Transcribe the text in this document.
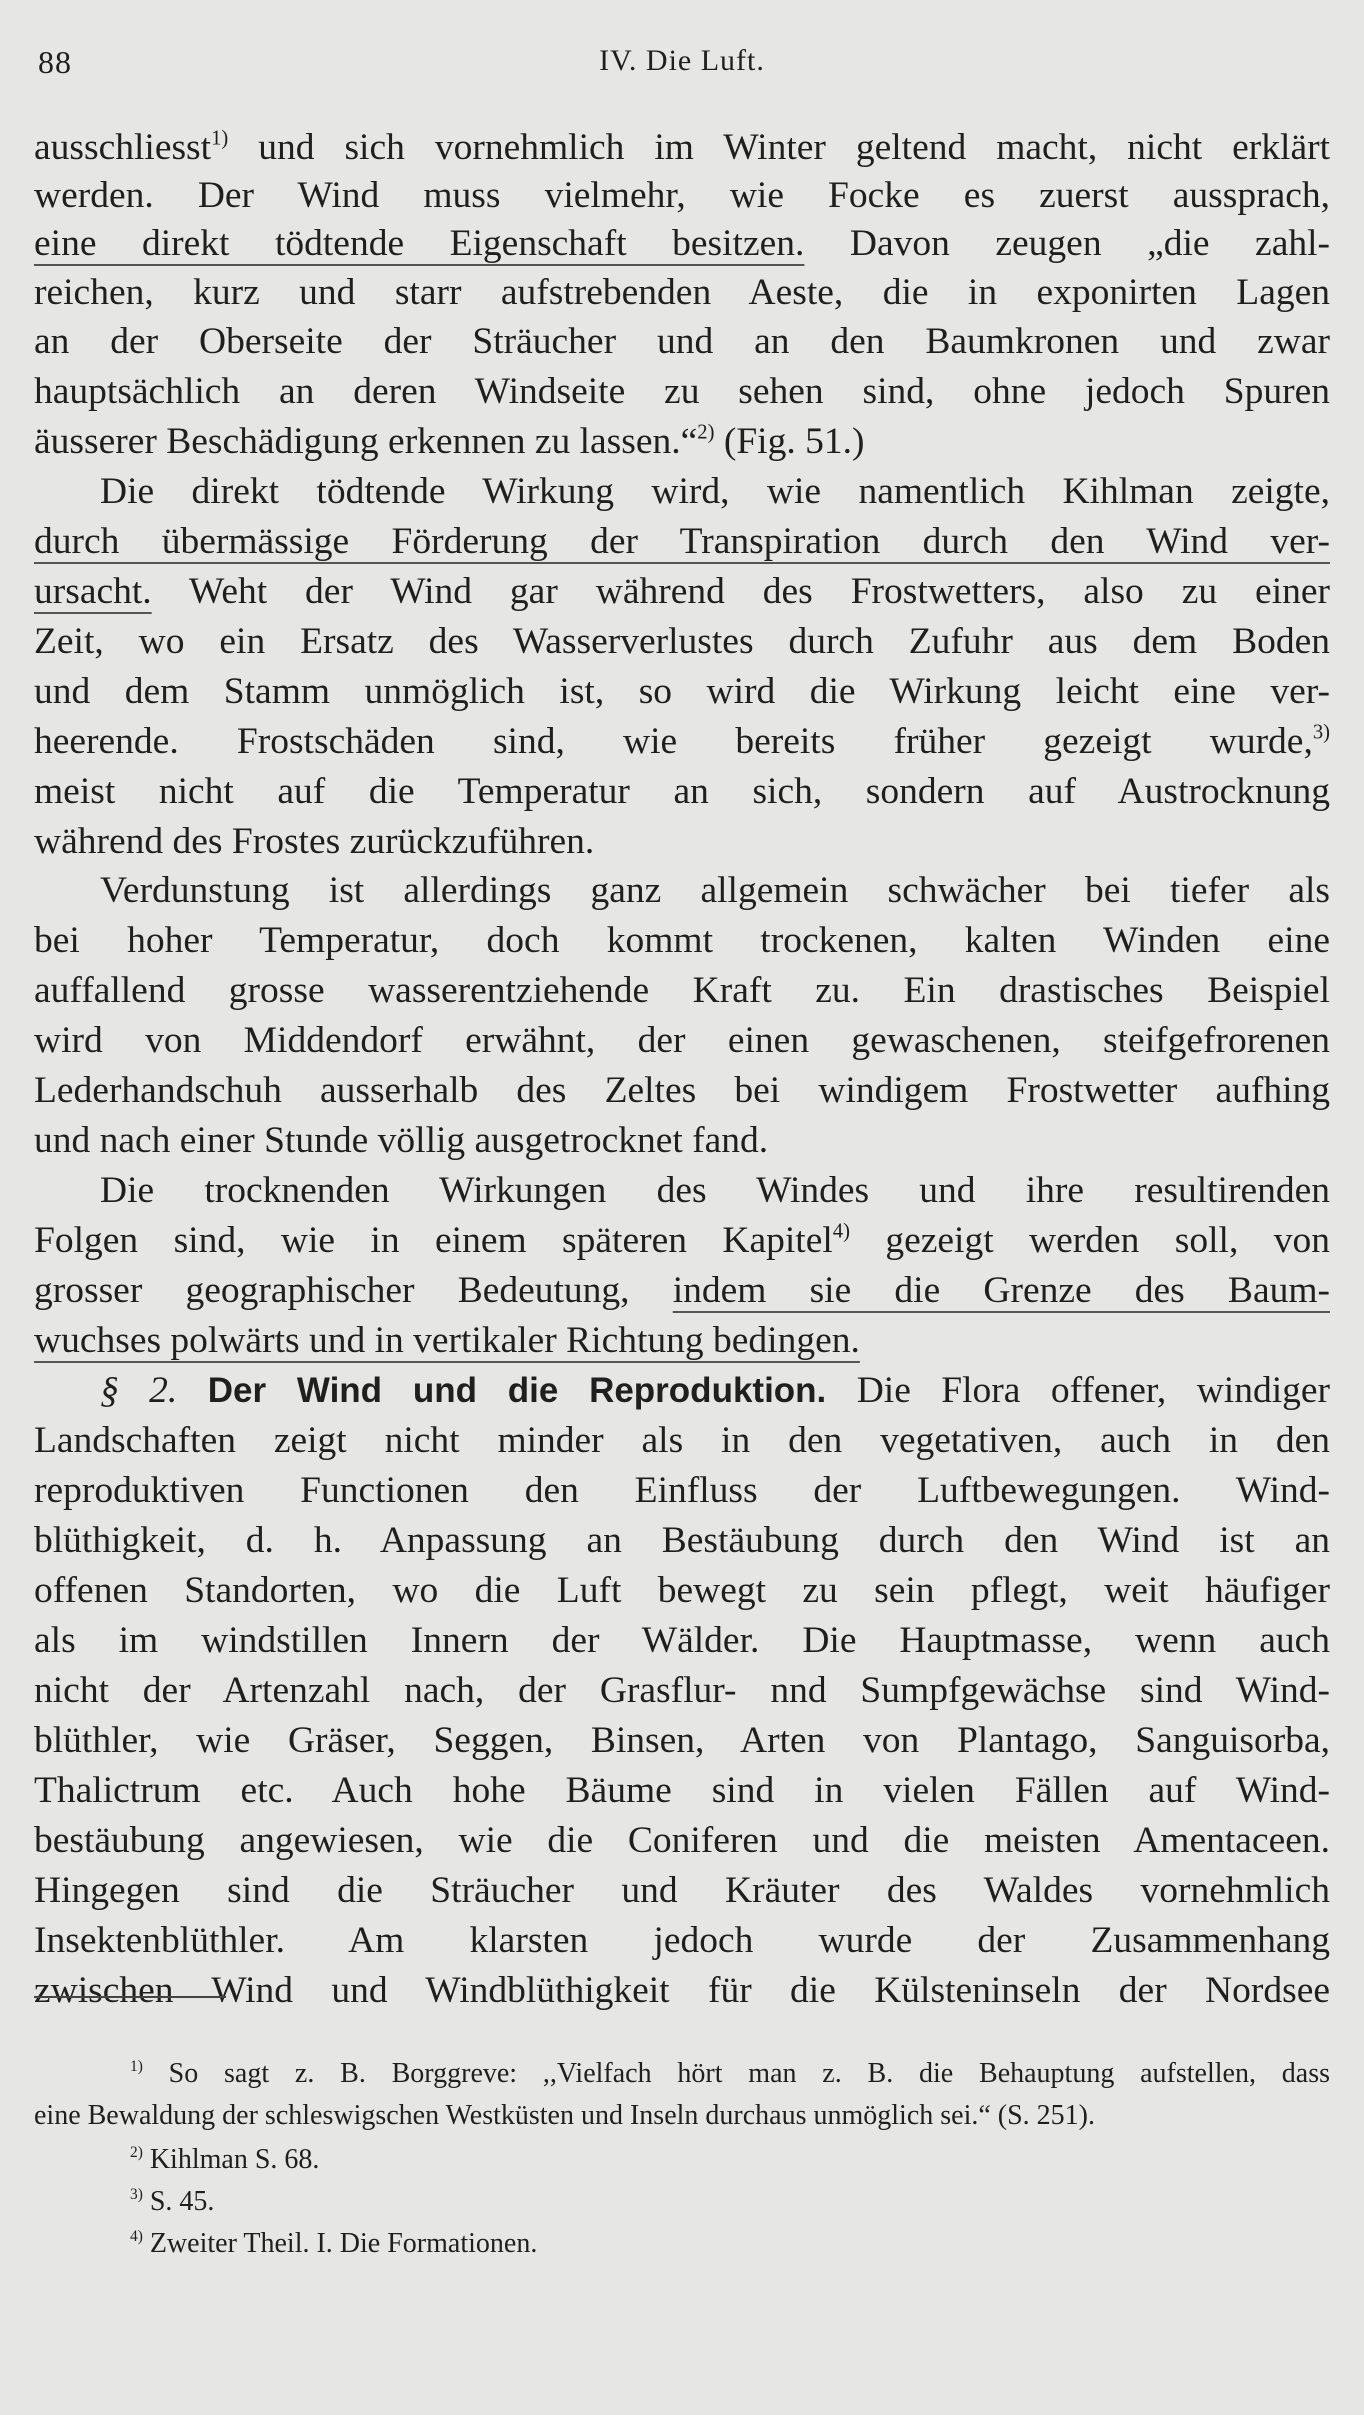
88	IV. Die Luft.
ausschliesst$^{1)}$ und sich vornehmlich im Winter geltend macht, nicht erklärt
werden. Der Wind muss vielmehr, wie Focke es zuerst aussprach,
eine direkt tödtende Eigenschaft besitzen. Davon zeugen „die zahl-
reichen, kurz und starr aufstrebenden Aeste, die in exponirten Lagen
an der Oberseite der Sträucher und an den Baumkronen und zwar
hauptsächlich an deren Windseite zu sehen sind, ohne jedoch Spuren
äusserer Beschädigung erkennen zu lassen.“$^{2)}$ (Fig. 51.)
Die direkt tödtende Wirkung wird, wie namentlich Kihlman zeigte,
durch übermässige Förderung der Transpiration durch den Wind ver-
ursacht. Weht der Wind gar während des Frostwetters, also zu einer
Zeit, wo ein Ersatz des Wasserverlustes durch Zufuhr aus dem Boden
und dem Stamm unmöglich ist, so wird die Wirkung leicht eine ver-
heerende. Frostschäden sind, wie bereits früher gezeigt wurde,$^{3)}$
meist nicht auf die Temperatur an sich, sondern auf Austrocknung
während des Frostes zurückzuführen.
Verdunstung ist allerdings ganz allgemein schwächer bei tiefer als
bei hoher Temperatur, doch kommt trockenen, kalten Winden eine
auffallend grosse wasserentziehende Kraft zu. Ein drastisches Beispiel
wird von Middendorf erwähnt, der einen gewaschenen, steifgefrorenen
Lederhandschuh ausserhalb des Zeltes bei windigem Frostwetter aufhing
und nach einer Stunde völlig ausgetrocknet fand.
Die trocknenden Wirkungen des Windes und ihre resultirenden
Folgen sind, wie in einem späteren Kapitel$^{4)}$ gezeigt werden soll, von
grosser geographischer Bedeutung, indem sie die Grenze des Baum-
wuchses polwärts und in vertikaler Richtung bedingen.
§ 2. Der Wind und die Reproduktion. Die Flora offener, windiger
Landschaften zeigt nicht minder als in den vegetativen, auch in den
reproduktiven Functionen den Einfluss der Luftbewegungen. Wind-
blüthigkeit, d. h. Anpassung an Bestäubung durch den Wind ist an
offenen Standorten, wo die Luft bewegt zu sein pflegt, weit häufiger
als im windstillen Innern der Wälder. Die Hauptmasse, wenn auch
nicht der Artenzahl nach, der Grasflur- nnd Sumpfgewächse sind Wind-
blüthler, wie Gräser, Seggen, Binsen, Arten von Plantago, Sanguisorba,
Thalictrum etc. Auch hohe Bäume sind in vielen Fällen auf Wind-
bestäubung angewiesen, wie die Coniferen und die meisten Amentaceen.
Hingegen sind die Sträucher und Kräuter des Waldes vornehmlich
Insektenblüthler. Am klarsten jedoch wurde der Zusammenhang
zwischen Wind und Windblüthigkeit für die Külsteninseln der Nordsee
$^{1)}$ So sagt z. B. Borggreve: ,,Vielfach hört man z. B. die Behauptung aufstellen, dass
eine Bewaldung der schleswigschen Westküsten und Inseln durchaus unmöglich sei.“ (S. 251).
$^{2)}$ Kihlman S. 68.
$^{3)}$ S. 45.
$^{4)}$ Zweiter Theil. I. Die Formationen.
